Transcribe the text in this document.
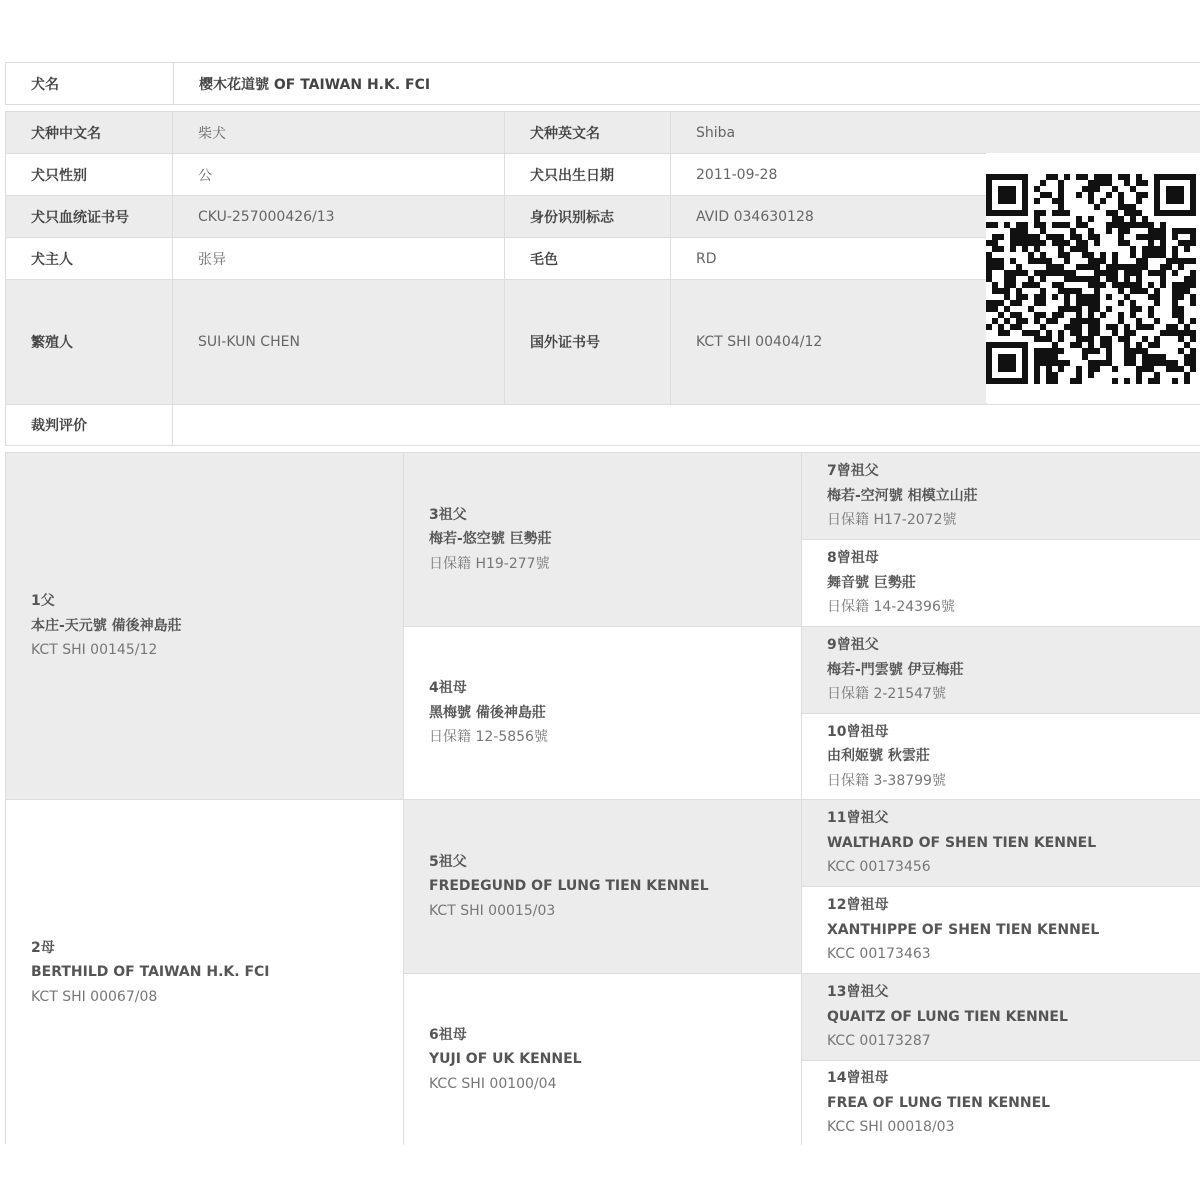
犬名	樱木花道號 OF TAIWAN H.K. FCI
犬种中文名	柴犬	犬种英文名	Shiba
犬只性别	公	犬只出生日期	2011-09-28
犬只血统证书号	CKU-257000426/13	身份识别标志	AVID 034630128
犬主人	张异	毛色	RD
繁殖人	SUI-KUN CHEN	国外证书号	KCT SHI 00404/12
裁判评价
1父
本庄-天元號 備後神島莊
KCT SHI 00145/12
2母
BERTHILD OF TAIWAN H.K. FCI
KCT SHI 00067/08
3祖父
梅若-悠空號 巨勢莊
日保籍 H19-277號
4祖母
黑梅號 備後神島莊
日保籍 12-5856號
5祖父
FREDEGUND OF LUNG TIEN KENNEL
KCT SHI 00015/03
6祖母
YUJI OF UK KENNEL
KCC SHI 00100/04
7曾祖父
梅若-空河號 相模立山莊
日保籍 H17-2072號
8曾祖母
舞音號 巨勢莊
日保籍 14-24396號
9曾祖父
梅若-門雲號 伊豆梅莊
日保籍 2-21547號
10曾祖母
由利姬號 秋雲莊
日保籍 3-38799號
11曾祖父
WALTHARD OF SHEN TIEN KENNEL
KCC 00173456
12曾祖母
XANTHIPPE OF SHEN TIEN KENNEL
KCC 00173463
13曾祖父
QUAITZ OF LUNG TIEN KENNEL
KCC 00173287
14曾祖母
FREA OF LUNG TIEN KENNEL
KCC SHI 00018/03
